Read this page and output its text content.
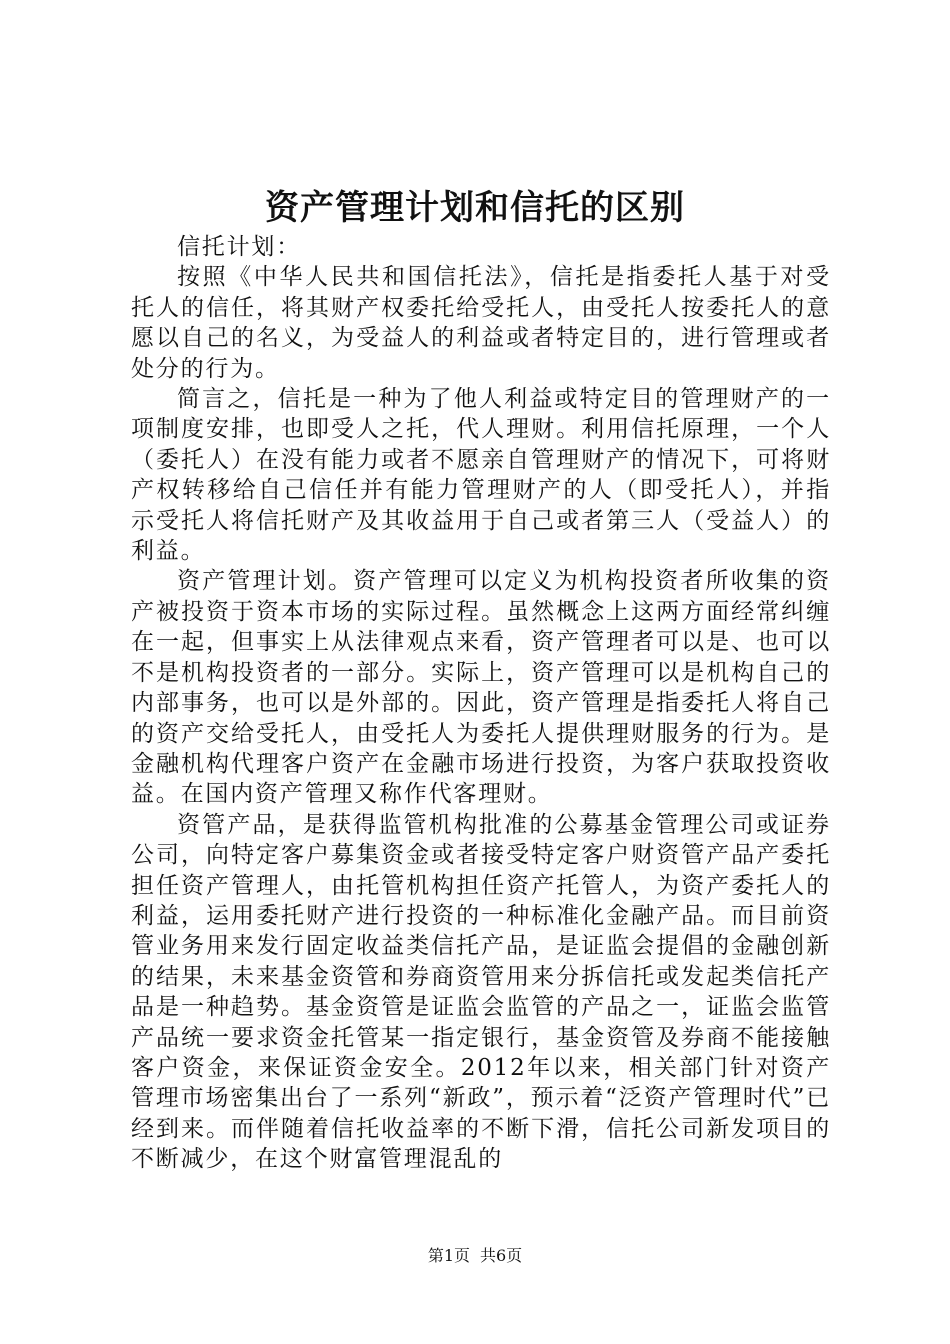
资产管理计划和信托的区别

信托计划：

按照《中华人民共和国信托法》，信托是指委托人基于对受托人的信任，将其财产权委托给受托人，由受托人按委托人的意愿以自己的名义，为受益人的利益或者特定目的，进行管理或者处分的行为。

简言之，信托是一种为了他人利益或特定目的管理财产的一项制度安排，也即受人之托，代人理财。利用信托原理，一个人（委托人）在没有能力或者不愿亲自管理财产的情况下，可将财产权转移给自己信任并有能力管理财产的人（即受托人），并指示受托人将信托财产及其收益用于自己或者第三人（受益人）的利益。

资产管理计划。资产管理可以定义为机构投资者所收集的资产被投资于资本市场的实际过程。虽然概念上这两方面经常纠缠在一起，但事实上从法律观点来看，资产管理者可以是、也可以不是机构投资者的一部分。实际上，资产管理可以是机构自己的内部事务，也可以是外部的。因此，资产管理是指委托人将自己的资产交给受托人，由受托人为委托人提供理财服务的行为。是金融机构代理客户资产在金融市场进行投资，为客户获取投资收益。在国内资产管理又称作代客理财。

资管产品，是获得监管机构批准的公募基金管理公司或证券公司，向特定客户募集资金或者接受特定客户财资管产品产委托担任资产管理人，由托管机构担任资产托管人，为资产委托人的利益，运用委托财产进行投资的一种标准化金融产品。而目前资管业务用来发行固定收益类信托产品，是证监会提倡的金融创新的结果，未来基金资管和券商资管用来分拆信托或发起类信托产品是一种趋势。基金资管是证监会监管的产品之一，证监会监管产品统一要求资金托管某一指定银行，基金资管及券商不能接触客户资金，来保证资金安全。2012年以来，相关部门针对资产管理市场密集出台了一系列“新政”，预示着“泛资产管理时代”已经到来。而伴随着信托收益率的不断下滑，信托公司新发项目的不断减少，在这个财富管理混乱的

第1页 共6页
